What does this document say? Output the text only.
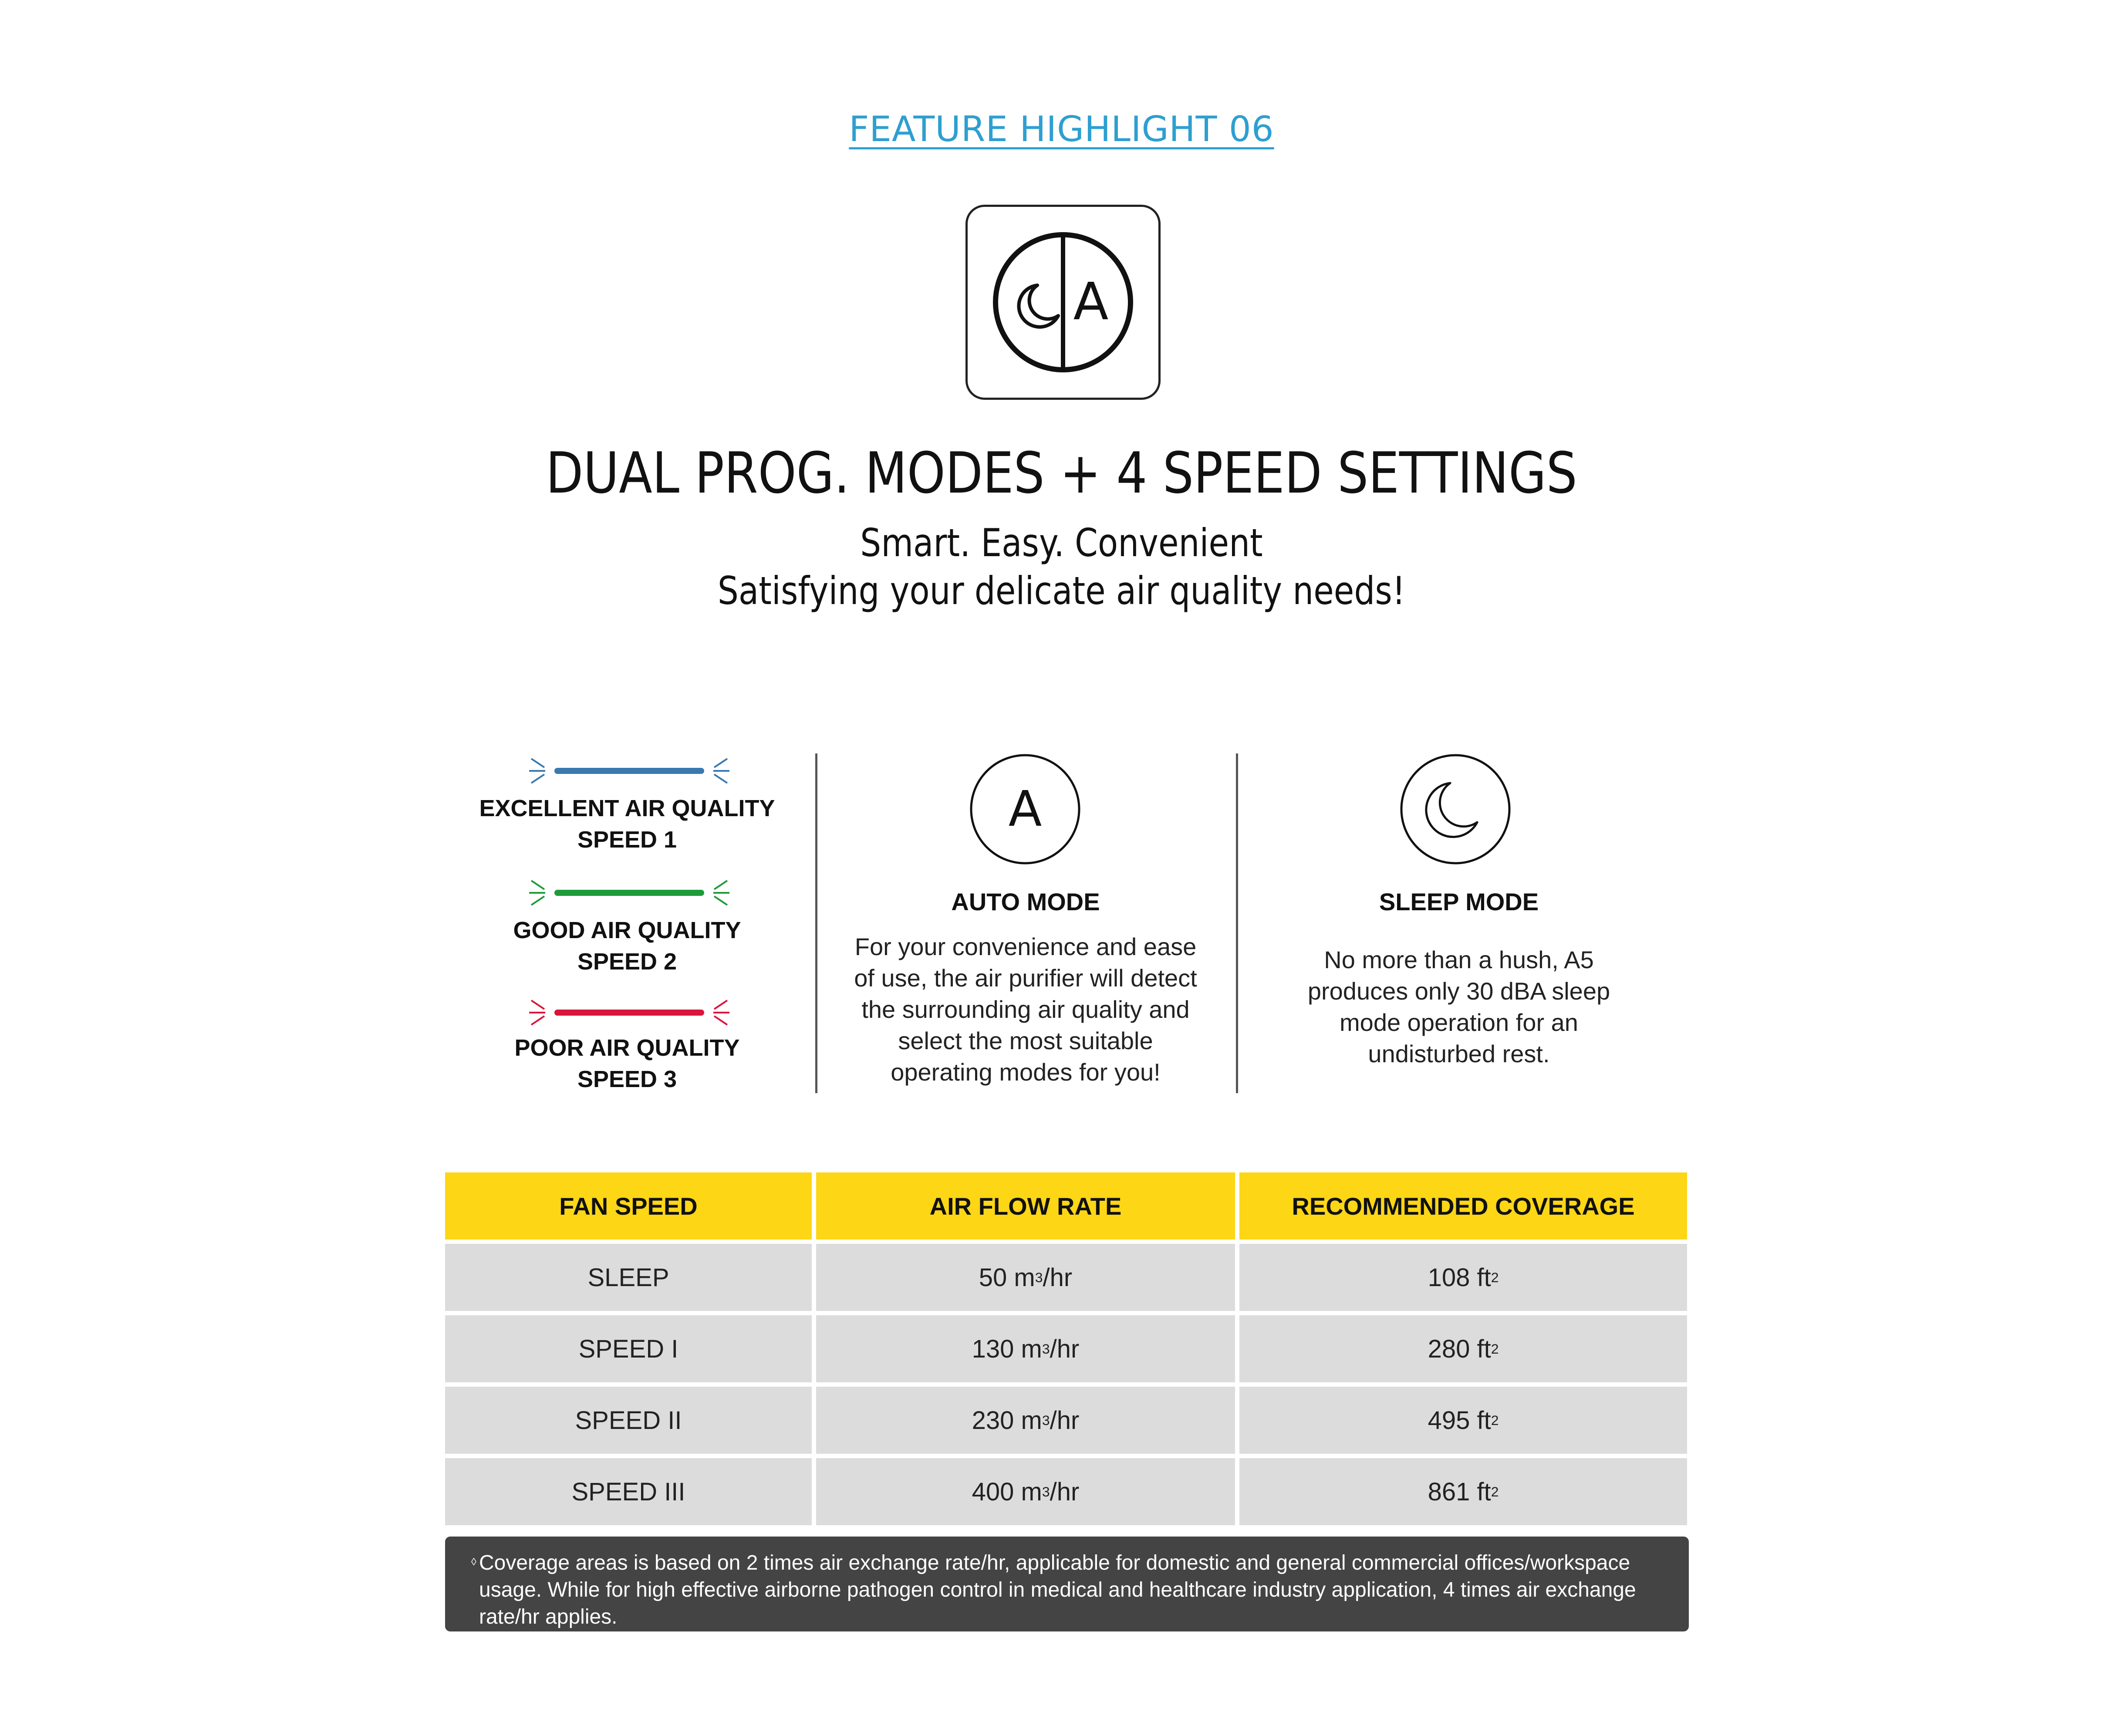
FEATURE HIGHLIGHT 06
A
DUAL PROG. MODES + 4 SPEED SETTINGS
Smart. Easy. Convenient
Satisfying your delicate air quality needs!
EXCELLENT AIR QUALITY
SPEED 1
GOOD AIR QUALITY
SPEED 2
POOR AIR QUALITY
SPEED 3
A
AUTO MODE
For your convenience and ease
of use, the air purifier will detect
the surrounding air quality and
select the most suitable
operating modes for you!
SLEEP MODE
No more than a hush, A5
produces only 30 dBA sleep
mode operation for an
undisturbed rest.
FAN SPEED	AIR FLOW RATE	RECOMMENDED COVERAGE
SLEEP	50 m 3 /hr	108 ft 2
SPEED I	130 m 3 /hr	280 ft 2
SPEED II	230 m 3 /hr	495 ft 2
SPEED III	400 m 3 /hr	861 ft 2
◊ Coverage areas is based on 2 times air exchange rate/hr, applicable for domestic and general commercial offices/workspace
usage. While for high effective airborne pathogen control in medical and healthcare industry application, 4 times air exchange
rate/hr applies.
